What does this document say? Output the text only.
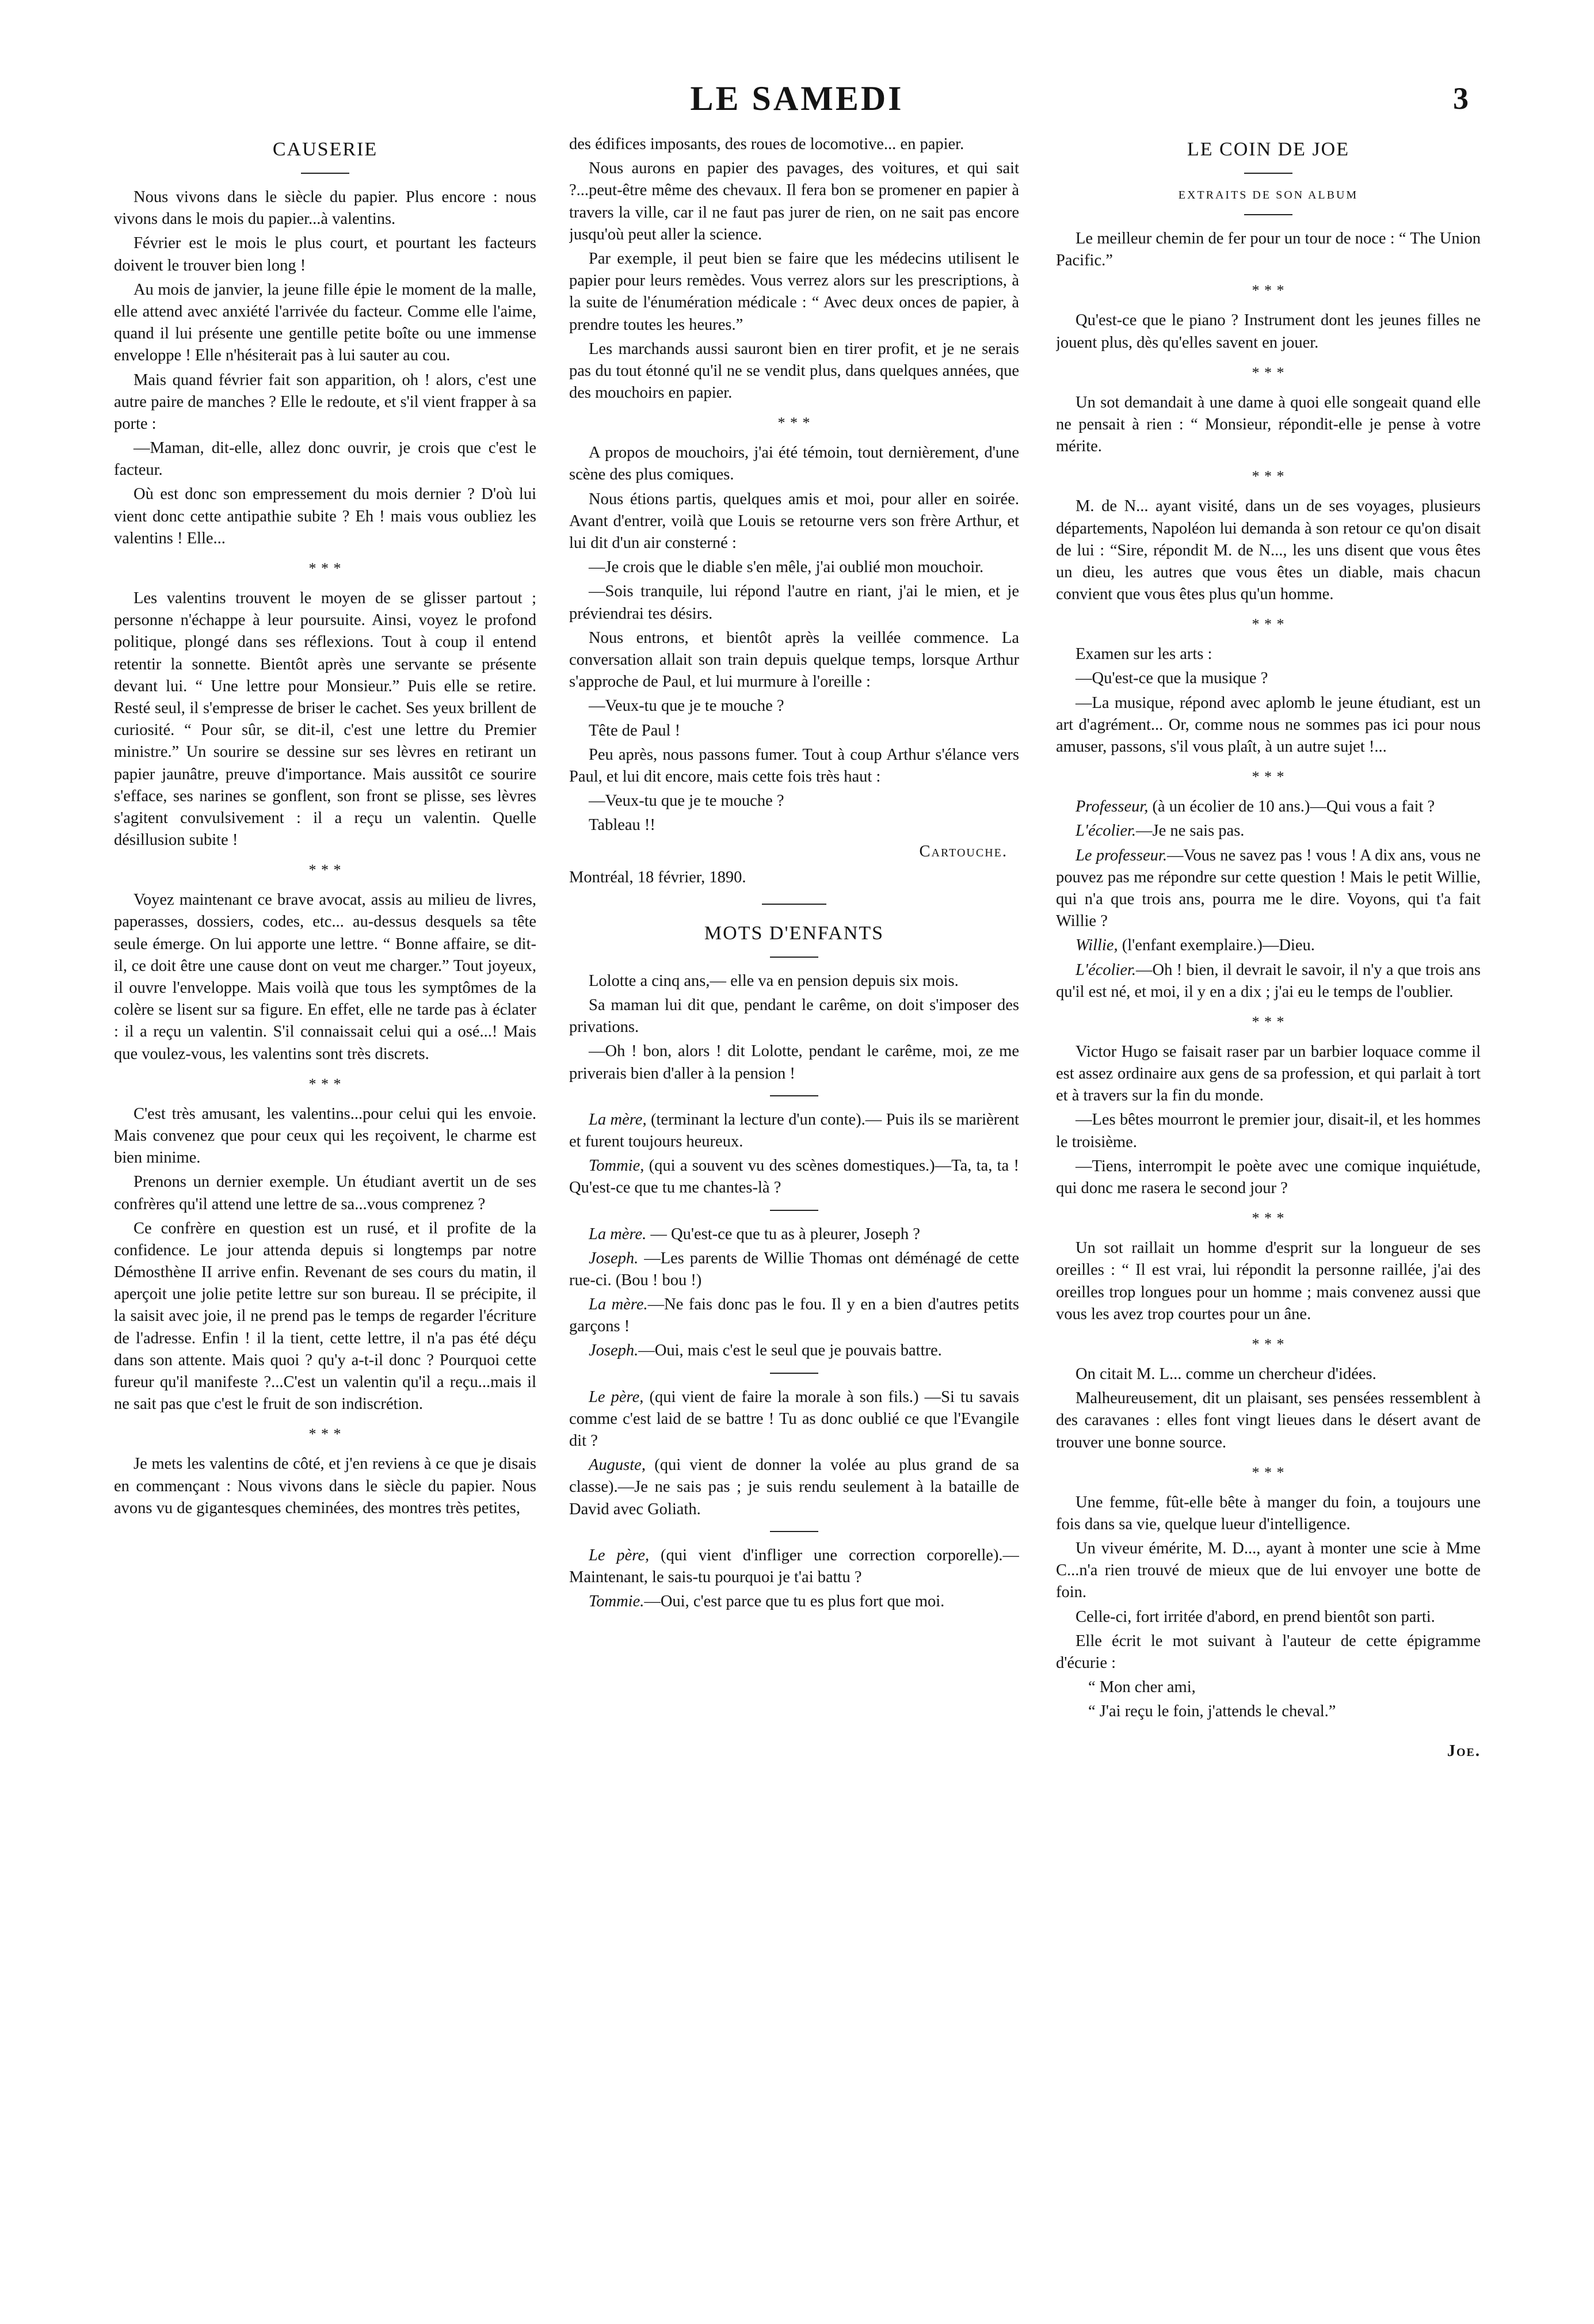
LE SAMEDI	3
CAUSERIE

Nous vivons dans le siècle du papier. Plus encore : nous vivons dans le mois du papier...à valentins.

Février est le mois le plus court, et pourtant les facteurs doivent le trouver bien long !

Au mois de janvier, la jeune fille épie le moment de la malle, elle attend avec anxiété l'arrivée du facteur. Comme elle l'aime, quand il lui présente une gentille petite boîte ou une immense enveloppe ! Elle n'hésiterait pas à lui sauter au cou.

Mais quand février fait son apparition, oh ! alors, c'est une autre paire de manches ? Elle le redoute, et s'il vient frapper à sa porte :

—Maman, dit-elle, allez donc ouvrir, je crois que c'est le facteur.

Où est donc son empressement du mois dernier ? D'où lui vient donc cette antipathie subite ? Eh ! mais vous oubliez les valentins ! Elle...

* * *

Les valentins trouvent le moyen de se glisser partout ; personne n'échappe à leur poursuite. Ainsi, voyez le profond politique, plongé dans ses réflexions. Tout à coup il entend retentir la sonnette. Bientôt après une servante se présente devant lui. “ Une lettre pour Monsieur.” Puis elle se retire. Resté seul, il s'empresse de briser le cachet. Ses yeux brillent de curiosité. “ Pour sûr, se dit-il, c'est une lettre du Premier ministre.” Un sourire se dessine sur ses lèvres en retirant un papier jaunâtre, preuve d'importance. Mais aussitôt ce sourire s'efface, ses narines se gonflent, son front se plisse, ses lèvres s'agitent convulsivement : il a reçu un valentin. Quelle désillusion subite !

* * *

Voyez maintenant ce brave avocat, assis au milieu de livres, paperasses, dossiers, codes, etc... au-dessus desquels sa tête seule émerge. On lui apporte une lettre. “ Bonne affaire, se dit-il, ce doit être une cause dont on veut me charger.” Tout joyeux, il ouvre l'enveloppe. Mais voilà que tous les symptômes de la colère se lisent sur sa figure. En effet, elle ne tarde pas à éclater : il a reçu un valentin. S'il connaissait celui qui a osé...! Mais que voulez-vous, les valentins sont très discrets.

* * *

C'est très amusant, les valentins...pour celui qui les envoie. Mais convenez que pour ceux qui les reçoivent, le charme est bien minime.

Prenons un dernier exemple. Un étudiant avertit un de ses confrères qu'il attend une lettre de sa...vous comprenez ?

Ce confrère en question est un rusé, et il profite de la confidence. Le jour attenda depuis si longtemps par notre Démosthène II arrive enfin. Revenant de ses cours du matin, il aperçoit une jolie petite lettre sur son bureau. Il se précipite, il la saisit avec joie, il ne prend pas le temps de regarder l'écriture de l'adresse. Enfin ! il la tient, cette lettre, il n'a pas été déçu dans son attente. Mais quoi ? qu'y a-t-il donc ? Pourquoi cette fureur qu'il manifeste ?...C'est un valentin qu'il a reçu...mais il ne sait pas que c'est le fruit de son indiscrétion.

* * *

Je mets les valentins de côté, et j'en reviens à ce que je disais en commençant : Nous vivons dans le siècle du papier. Nous avons vu de gigantesques cheminées, des montres très petites,

des édifices imposants, des roues de locomotive... en papier.

Nous aurons en papier des pavages, des voitures, et qui sait ?...peut-être même des chevaux. Il fera bon se promener en papier à travers la ville, car il ne faut pas jurer de rien, on ne sait pas encore jusqu'où peut aller la science.

Par exemple, il peut bien se faire que les médecins utilisent le papier pour leurs remèdes. Vous verrez alors sur les prescriptions, à la suite de l'énumération médicale : “ Avec deux onces de papier, à prendre toutes les heures.”

Les marchands aussi sauront bien en tirer profit, et je ne serais pas du tout étonné qu'il ne se vendit plus, dans quelques années, que des mouchoirs en papier.

* * *

A propos de mouchoirs, j'ai été témoin, tout dernièrement, d'une scène des plus comiques.

Nous étions partis, quelques amis et moi, pour aller en soirée. Avant d'entrer, voilà que Louis se retourne vers son frère Arthur, et lui dit d'un air consterné :

—Je crois que le diable s'en mêle, j'ai oublié mon mouchoir.

—Sois tranquile, lui répond l'autre en riant, j'ai le mien, et je préviendrai tes désirs.

Nous entrons, et bientôt après la veillée commence. La conversation allait son train depuis quelque temps, lorsque Arthur s'approche de Paul, et lui murmure à l'oreille :

—Veux-tu que je te mouche ?

Tête de Paul !

Peu après, nous passons fumer. Tout à coup Arthur s'élance vers Paul, et lui dit encore, mais cette fois très haut :

—Veux-tu que je te mouche ?

Tableau !!

Cartouche.

Montréal, 18 février, 1890.

MOTS D'ENFANTS

Lolotte a cinq ans,— elle va en pension depuis six mois.

Sa maman lui dit que, pendant le carême, on doit s'imposer des privations.

—Oh ! bon, alors ! dit Lolotte, pendant le carême, moi, ze me priverais bien d'aller à la pension !

La mère, (terminant la lecture d'un conte).— Puis ils se marièrent et furent toujours heureux.

Tommie, (qui a souvent vu des scènes domestiques.)—Ta, ta, ta ! Qu'est-ce que tu me chantes-là ?

La mère. — Qu'est-ce que tu as à pleurer, Joseph ?

Joseph. —Les parents de Willie Thomas ont déménagé de cette rue-ci. (Bou ! bou !)

La mère.—Ne fais donc pas le fou. Il y en a bien d'autres petits garçons !

Joseph.—Oui, mais c'est le seul que je pouvais battre.

Le père, (qui vient de faire la morale à son fils.) —Si tu savais comme c'est laid de se battre ! Tu as donc oublié ce que l'Evangile dit ?

Auguste, (qui vient de donner la volée au plus grand de sa classe).—Je ne sais pas ; je suis rendu seulement à la bataille de David avec Goliath.

Le père, (qui vient d'infliger une correction corporelle).—Maintenant, le sais-tu pourquoi je t'ai battu ?

Tommie.—Oui, c'est parce que tu es plus fort que moi.

LE COIN DE JOE
EXTRAITS DE SON ALBUM

Le meilleur chemin de fer pour un tour de noce : “ The Union Pacific.”

* * *

Qu'est-ce que le piano ? Instrument dont les jeunes filles ne jouent plus, dès qu'elles savent en jouer.

* * *

Un sot demandait à une dame à quoi elle songeait quand elle ne pensait à rien : “ Monsieur, répondit-elle je pense à votre mérite.

* * *

M. de N... ayant visité, dans un de ses voyages, plusieurs départements, Napoléon lui demanda à son retour ce qu'on disait de lui : “Sire, répondit M. de N..., les uns disent que vous êtes un dieu, les autres que vous êtes un diable, mais chacun convient que vous êtes plus qu'un homme.

* * *

Examen sur les arts :

—Qu'est-ce que la musique ?

—La musique, répond avec aplomb le jeune étudiant, est un art d'agrément... Or, comme nous ne sommes pas ici pour nous amuser, passons, s'il vous plaît, à un autre sujet !...

* * *

Professeur, (à un écolier de 10 ans.)—Qui vous a fait ?

L'écolier.—Je ne sais pas.

Le professeur.—Vous ne savez pas ! vous ! A dix ans, vous ne pouvez pas me répondre sur cette question ! Mais le petit Willie, qui n'a que trois ans, pourra me le dire. Voyons, qui t'a fait Willie ?

Willie, (l'enfant exemplaire.)—Dieu.

L'écolier.—Oh ! bien, il devrait le savoir, il n'y a que trois ans qu'il est né, et moi, il y en a dix ; j'ai eu le temps de l'oublier.

* * *

Victor Hugo se faisait raser par un barbier loquace comme il est assez ordinaire aux gens de sa profession, et qui parlait à tort et à travers sur la fin du monde.

—Les bêtes mourront le premier jour, disait-il, et les hommes le troisième.

—Tiens, interrompit le poète avec une comique inquiétude, qui donc me rasera le second jour ?

* * *

Un sot raillait un homme d'esprit sur la longueur de ses oreilles : “ Il est vrai, lui répondit la personne raillée, j'ai des oreilles trop longues pour un homme ; mais convenez aussi que vous les avez trop courtes pour un âne.

* * *

On citait M. L... comme un chercheur d'idées.

Malheureusement, dit un plaisant, ses pensées ressemblent à des caravanes : elles font vingt lieues dans le désert avant de trouver une bonne source.

* * *

Une femme, fût-elle bête à manger du foin, a toujours une fois dans sa vie, quelque lueur d'intelligence.

Un viveur émérite, M. D..., ayant à monter une scie à Mme C...n'a rien trouvé de mieux que de lui envoyer une botte de foin.

Celle-ci, fort irritée d'abord, en prend bientôt son parti.

Elle écrit le mot suivant à l'auteur de cette épigramme d'écurie :

“ Mon cher ami,

“ J'ai reçu le foin, j'attends le cheval.”

Joe.
